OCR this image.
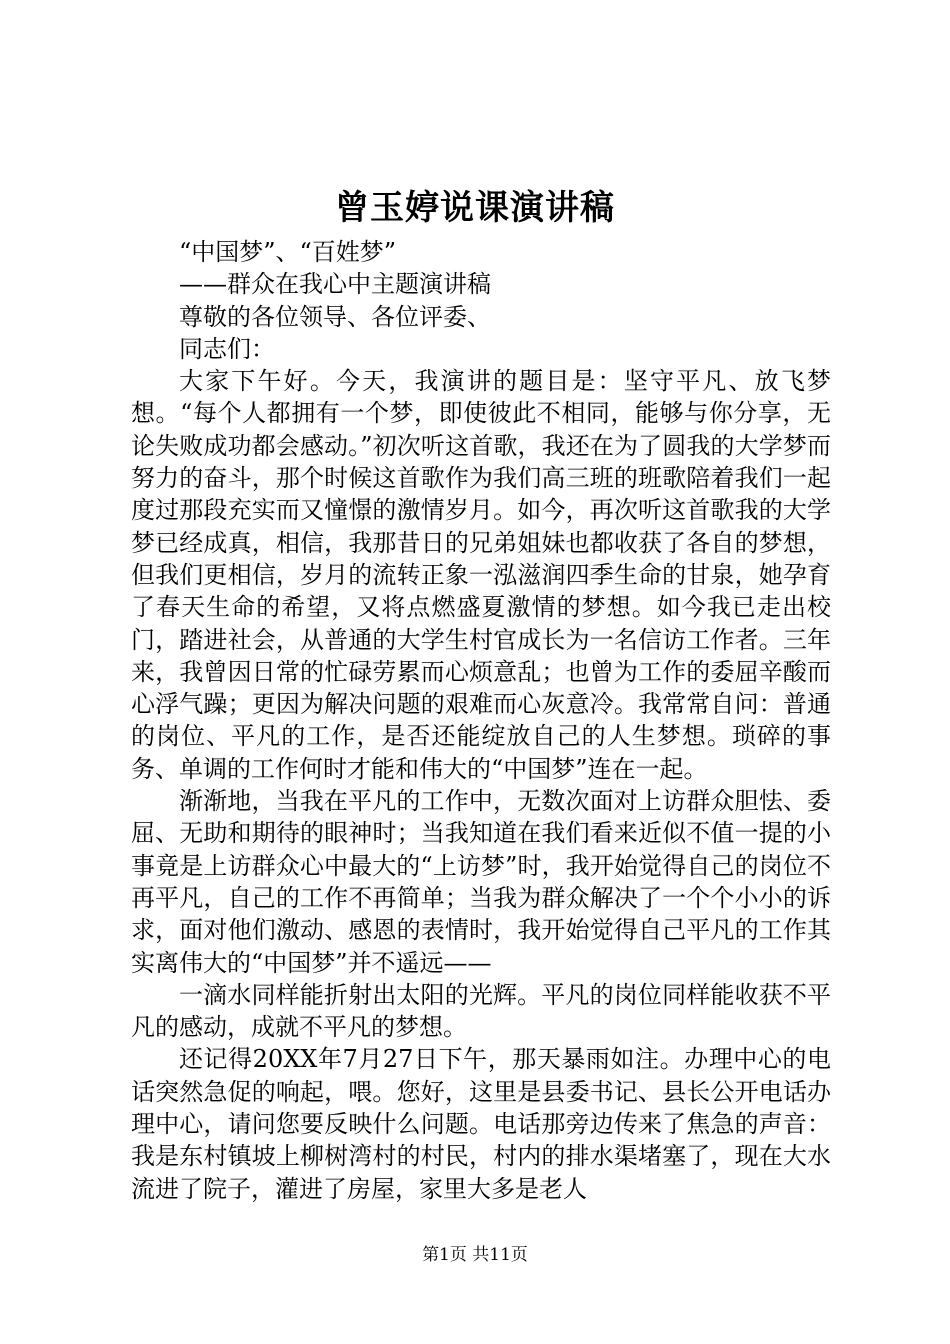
曾玉婷说课演讲稿

“中国梦”、“百姓梦”

——群众在我心中主题演讲稿

尊敬的各位领导、各位评委、

同志们：

大家下午好。今天，我演讲的题目是：坚守平凡、放飞梦想。“每个人都拥有一个梦，即使彼此不相同，能够与你分享，无论失败成功都会感动。”初次听这首歌，我还在为了圆我的大学梦而努力的奋斗，那个时候这首歌作为我们高三班的班歌陪着我们一起度过那段充实而又憧憬的激情岁月。如今，再次听这首歌我的大学梦已经成真，相信，我那昔日的兄弟姐妹也都收获了各自的梦想，但我们更相信，岁月的流转正象一泓滋润四季生命的甘泉，她孕育了春天生命的希望，又将点燃盛夏激情的梦想。如今我已走出校门，踏进社会，从普通的大学生村官成长为一名信访工作者。三年来，我曾因日常的忙碌劳累而心烦意乱；也曾为工作的委屈辛酸而心浮气躁；更因为解决问题的艰难而心灰意冷。我常常自问：普通的岗位、平凡的工作，是否还能绽放自己的人生梦想。琐碎的事务、单调的工作何时才能和伟大的“中国梦”连在一起。

渐渐地，当我在平凡的工作中，无数次面对上访群众胆怯、委屈、无助和期待的眼神时；当我知道在我们看来近似不值一提的小事竟是上访群众心中最大的“上访梦”时，我开始觉得自己的岗位不再平凡，自己的工作不再简单；当我为群众解决了一个个小小的诉求，面对他们激动、感恩的表情时，我开始觉得自己平凡的工作其实离伟大的“中国梦”并不遥远——

一滴水同样能折射出太阳的光辉。平凡的岗位同样能收获不平凡的感动，成就不平凡的梦想。

还记得20XX年7月27日下午，那天暴雨如注。办理中心的电话突然急促的响起，喂。您好，这里是县委书记、县长公开电话办理中心，请问您要反映什么问题。电话那旁边传来了焦急的声音：我是东村镇坡上柳树湾村的村民，村内的排水渠堵塞了，现在大水流进了院子，灌进了房屋，家里大多是老人

第1页 共11页
